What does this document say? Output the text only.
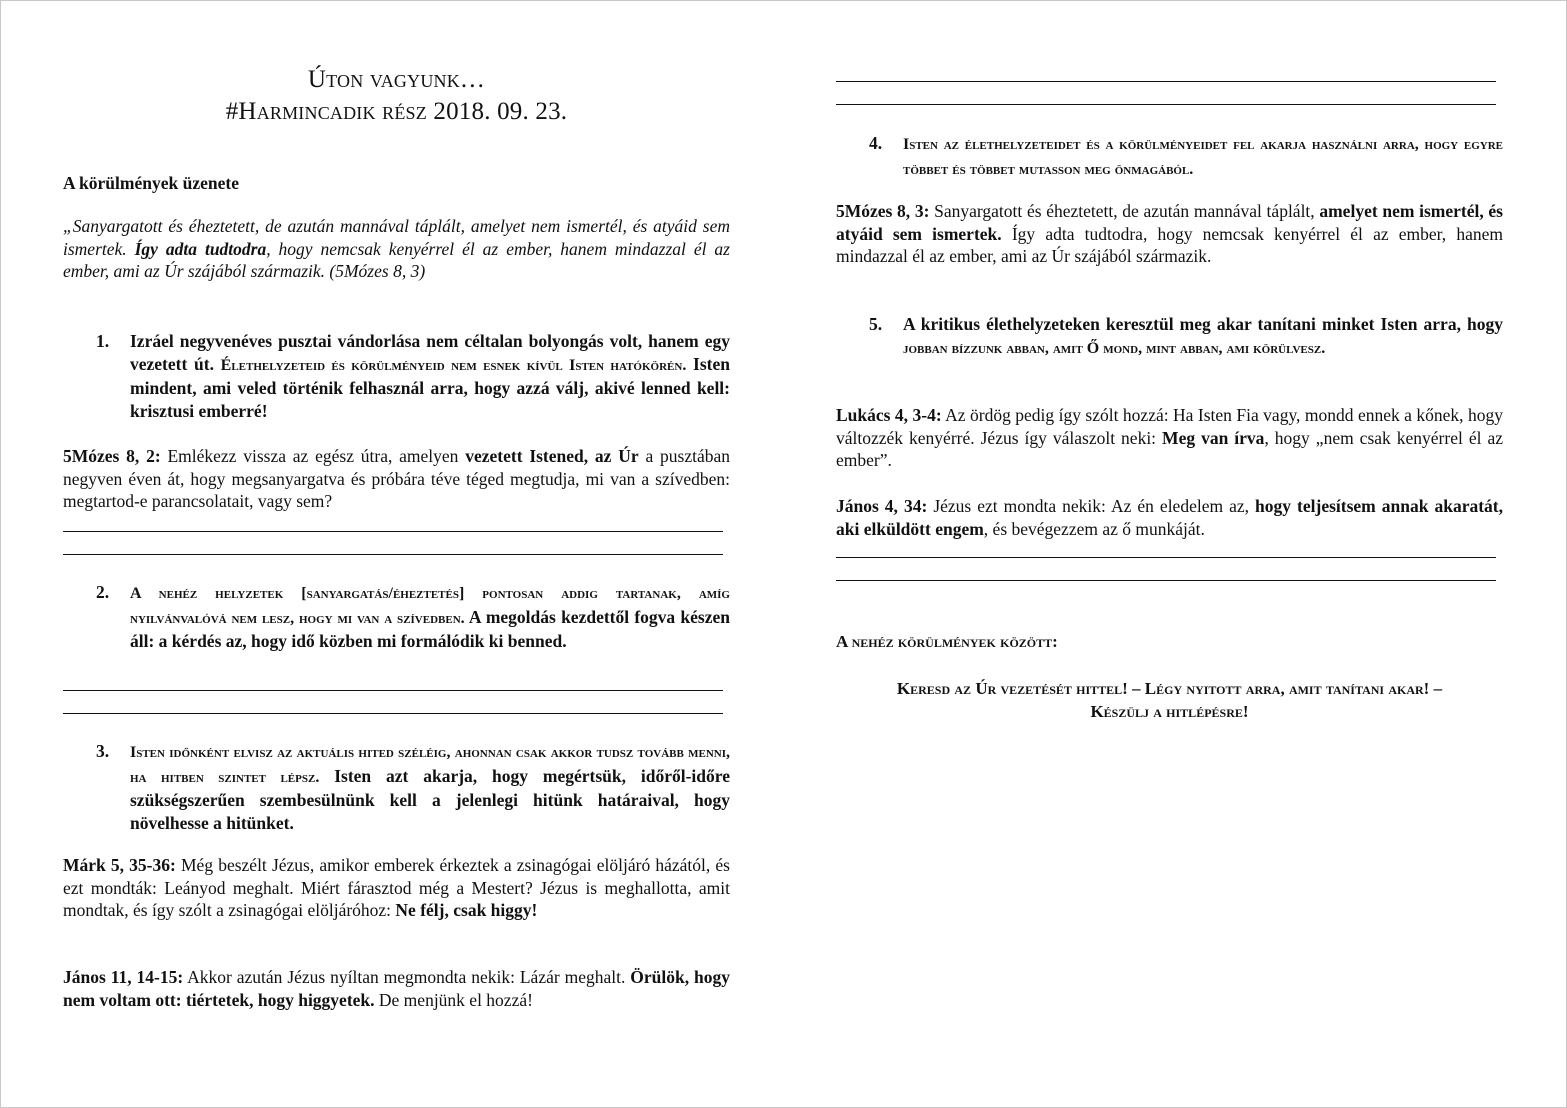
Úton vagyunk…
#Harmincadik rész 2018. 09. 23.
A körülmények üzenete
„Sanyargatott és éheztetett, de azután mannával táplált, amelyet nem ismertél, és atyáid sem ismertek. Így adta tudtodra, hogy nemcsak kenyérrel él az ember, hanem mindazzal él az ember, ami az Úr szájából származik. (5Mózes 8, 3)
1. Izráel negyvenéves pusztai vándorlása nem céltalan bolyongás volt, hanem egy vezetett út. Élethelyzeteid és körülményeid nem esnek kívül Isten hatókörén. Isten mindent, ami veled történik felhasznál arra, hogy azzá válj, akivé lenned kell: krisztusi emberré!
5Mózes 8, 2: Emlékezz vissza az egész útra, amelyen vezetett Istened, az Úr a pusztában negyven éven át, hogy megsanyargatva és próbára téve téged megtudja, mi van a szívedben: megtartod-e parancsolatait, vagy sem?
2. A nehéz helyzetek [sanyargatás/éheztetés] pontosan addig tartanak, amíg nyilvánvalóvá nem lesz, hogy mi van a szívedben. A megoldás kezdettől fogva készen áll: a kérdés az, hogy idő közben mi formálódik ki benned.
3. Isten időnként elvisz az aktuális hited széléig, ahonnan csak akkor tudsz tovább menni, ha hitben szintet lépsz. Isten azt akarja, hogy megértsük, időről-időre szükségszerűen szembesülnünk kell a jelenlegi hitünk határaival, hogy növelhesse a hitünket.
Márk 5, 35-36: Még beszélt Jézus, amikor emberek érkeztek a zsinagógai elöljáró házától, és ezt mondták: Leányod meghalt. Miért fárasztod még a Mestert? Jézus is meghallotta, amit mondtak, és így szólt a zsinagógai elöljáróhoz: Ne félj, csak higgy!
János 11, 14-15: Akkor azután Jézus nyíltan megmondta nekik: Lázár meghalt. Örülök, hogy nem voltam ott: tiértetek, hogy higgyetek. De menjünk el hozzá!
4. Isten az élethelyzeteidet és a körülményeidet fel akarja használni arra, hogy egyre többet és többet mutasson meg önmagából.
5Mózes 8, 3: Sanyargatott és éheztetett, de azután mannával táplált, amelyet nem ismertél, és atyáid sem ismertek. Így adta tudtodra, hogy nemcsak kenyérrel él az ember, hanem mindazzal él az ember, ami az Úr szájából származik.
5. A kritikus élethelyzeteken keresztül meg akar tanítani minket Isten arra, hogy jobban bízzunk abban, amit Ő mond, mint abban, ami körülvesz.
Lukács 4, 3-4: Az ördög pedig így szólt hozzá: Ha Isten Fia vagy, mondd ennek a kőnek, hogy változzék kenyérré. Jézus így válaszolt neki: Meg van írva, hogy „nem csak kenyérrel él az ember”.
János 4, 34: Jézus ezt mondta nekik: Az én eledelem az, hogy teljesítsem annak akaratát, aki elküldött engem, és bevégezzem az ő munkáját.
A nehéz körülmények között:
Keresd az Úr vezetését hittel! – Légy nyitott arra, amit tanítani akar! –
Készülj a hitlépésre!
